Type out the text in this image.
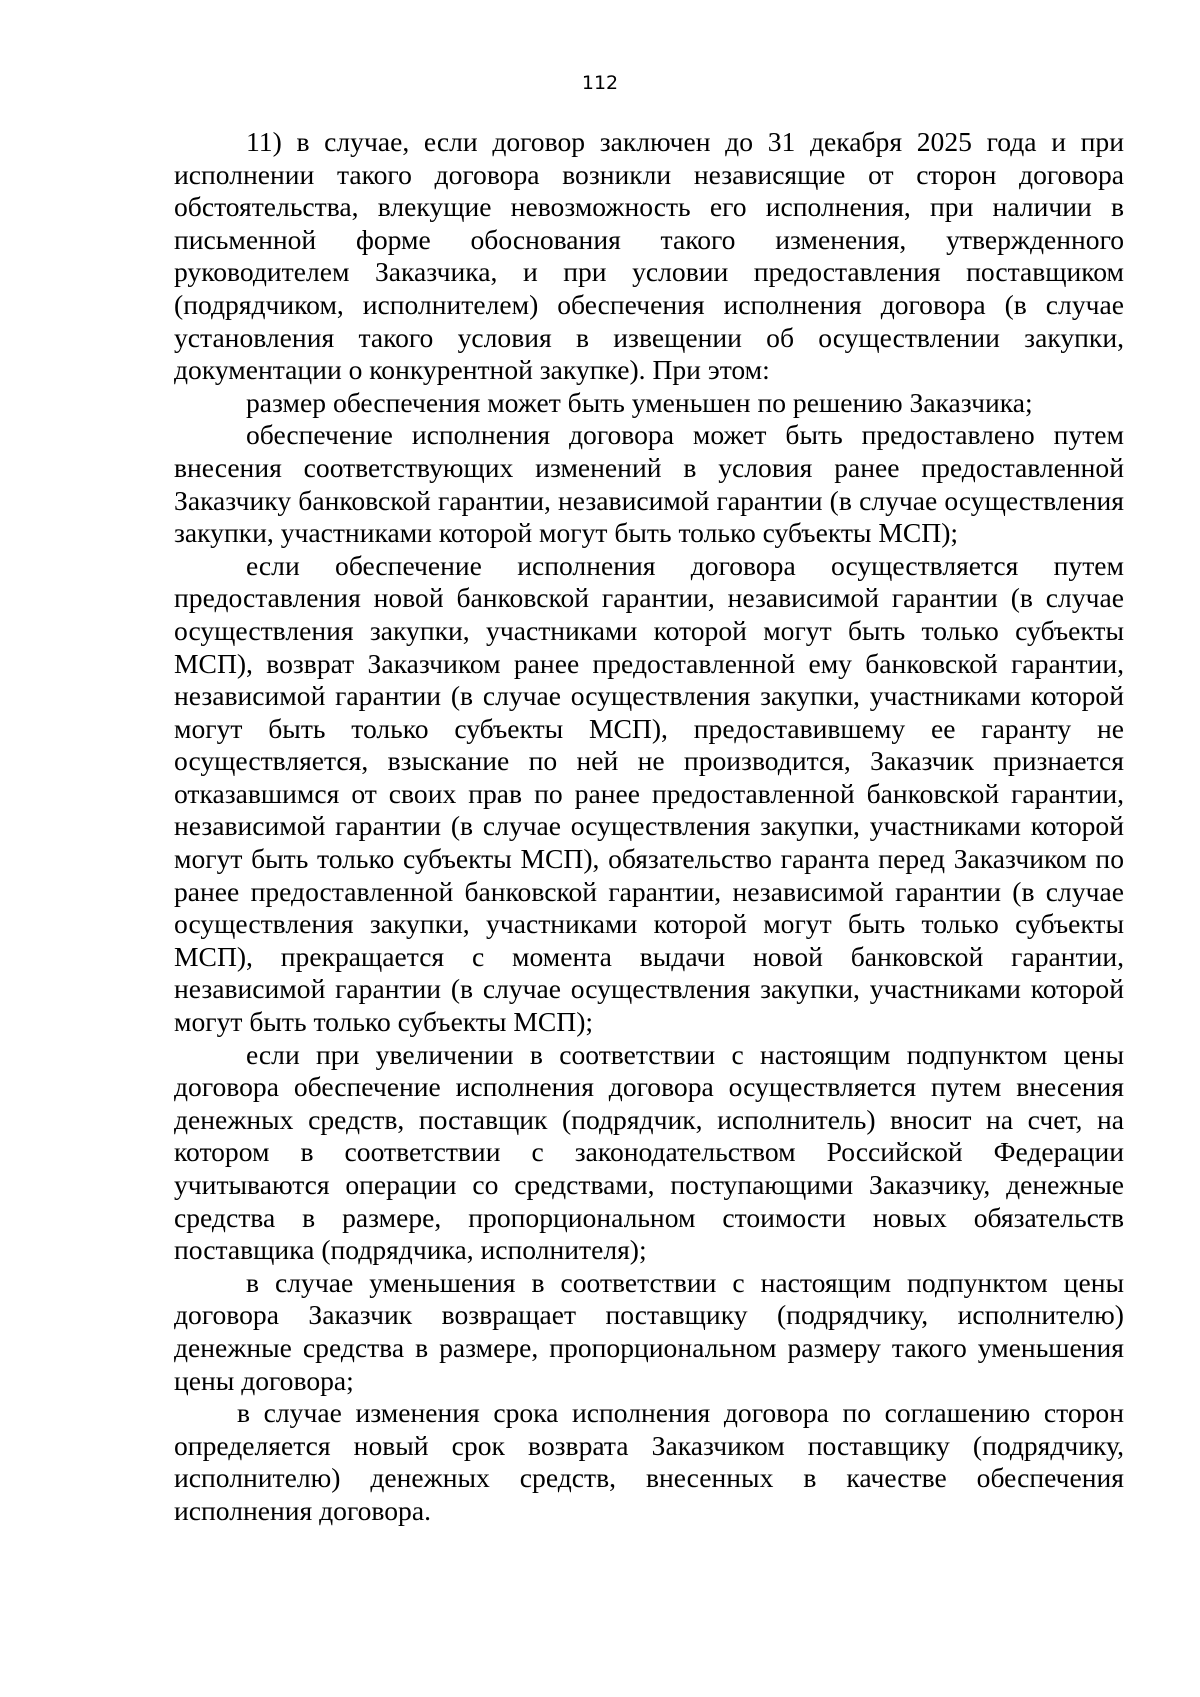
112

11) в случае, если договор заключен до 31 декабря 2025 года и при исполнении такого договора возникли независящие от сторон договора обстоятельства, влекущие невозможность его исполнения, при наличии в письменной форме обоснования такого изменения, утвержденного руководителем Заказчика, и при условии предоставления поставщиком (подрядчиком, исполнителем) обеспечения исполнения договора (в случае установления такого условия в извещении об осуществлении закупки, документации о конкурентной закупке). При этом:

размер обеспечения может быть уменьшен по решению Заказчика;

обеспечение исполнения договора может быть предоставлено путем внесения соответствующих изменений в условия ранее предоставленной Заказчику банковской гарантии, независимой гарантии (в случае осуществления закупки, участниками которой могут быть только субъекты МСП);

если обеспечение исполнения договора осуществляется путем предоставления новой банковской гарантии, независимой гарантии (в случае осуществления закупки, участниками которой могут быть только субъекты МСП), возврат Заказчиком ранее предоставленной ему банковской гарантии, независимой гарантии (в случае осуществления закупки, участниками которой могут быть только субъекты МСП), предоставившему ее гаранту не осуществляется, взыскание по ней не производится, Заказчик признается отказавшимся от своих прав по ранее предоставленной банковской гарантии, независимой гарантии (в случае осуществления закупки, участниками которой могут быть только субъекты МСП), обязательство гаранта перед Заказчиком по ранее предоставленной банковской гарантии, независимой гарантии (в случае осуществления закупки, участниками которой могут быть только субъекты МСП), прекращается с момента выдачи новой банковской гарантии, независимой гарантии (в случае осуществления закупки, участниками которой могут быть только субъекты МСП);

если при увеличении в соответствии с настоящим подпунктом цены договора обеспечение исполнения договора осуществляется путем внесения денежных средств, поставщик (подрядчик, исполнитель) вносит на счет, на котором в соответствии с законодательством Российской Федерации учитываются операции со средствами, поступающими Заказчику, денежные средства в размере, пропорциональном стоимости новых обязательств поставщика (подрядчика, исполнителя);

в случае уменьшения в соответствии с настоящим подпунктом цены договора Заказчик возвращает поставщику (подрядчику, исполнителю) денежные средства в размере, пропорциональном размеру такого уменьшения цены договора;

в случае изменения срока исполнения договора по соглашению сторон определяется новый срок возврата Заказчиком поставщику (подрядчику, исполнителю) денежных средств, внесенных в качестве обеспечения исполнения договора.
